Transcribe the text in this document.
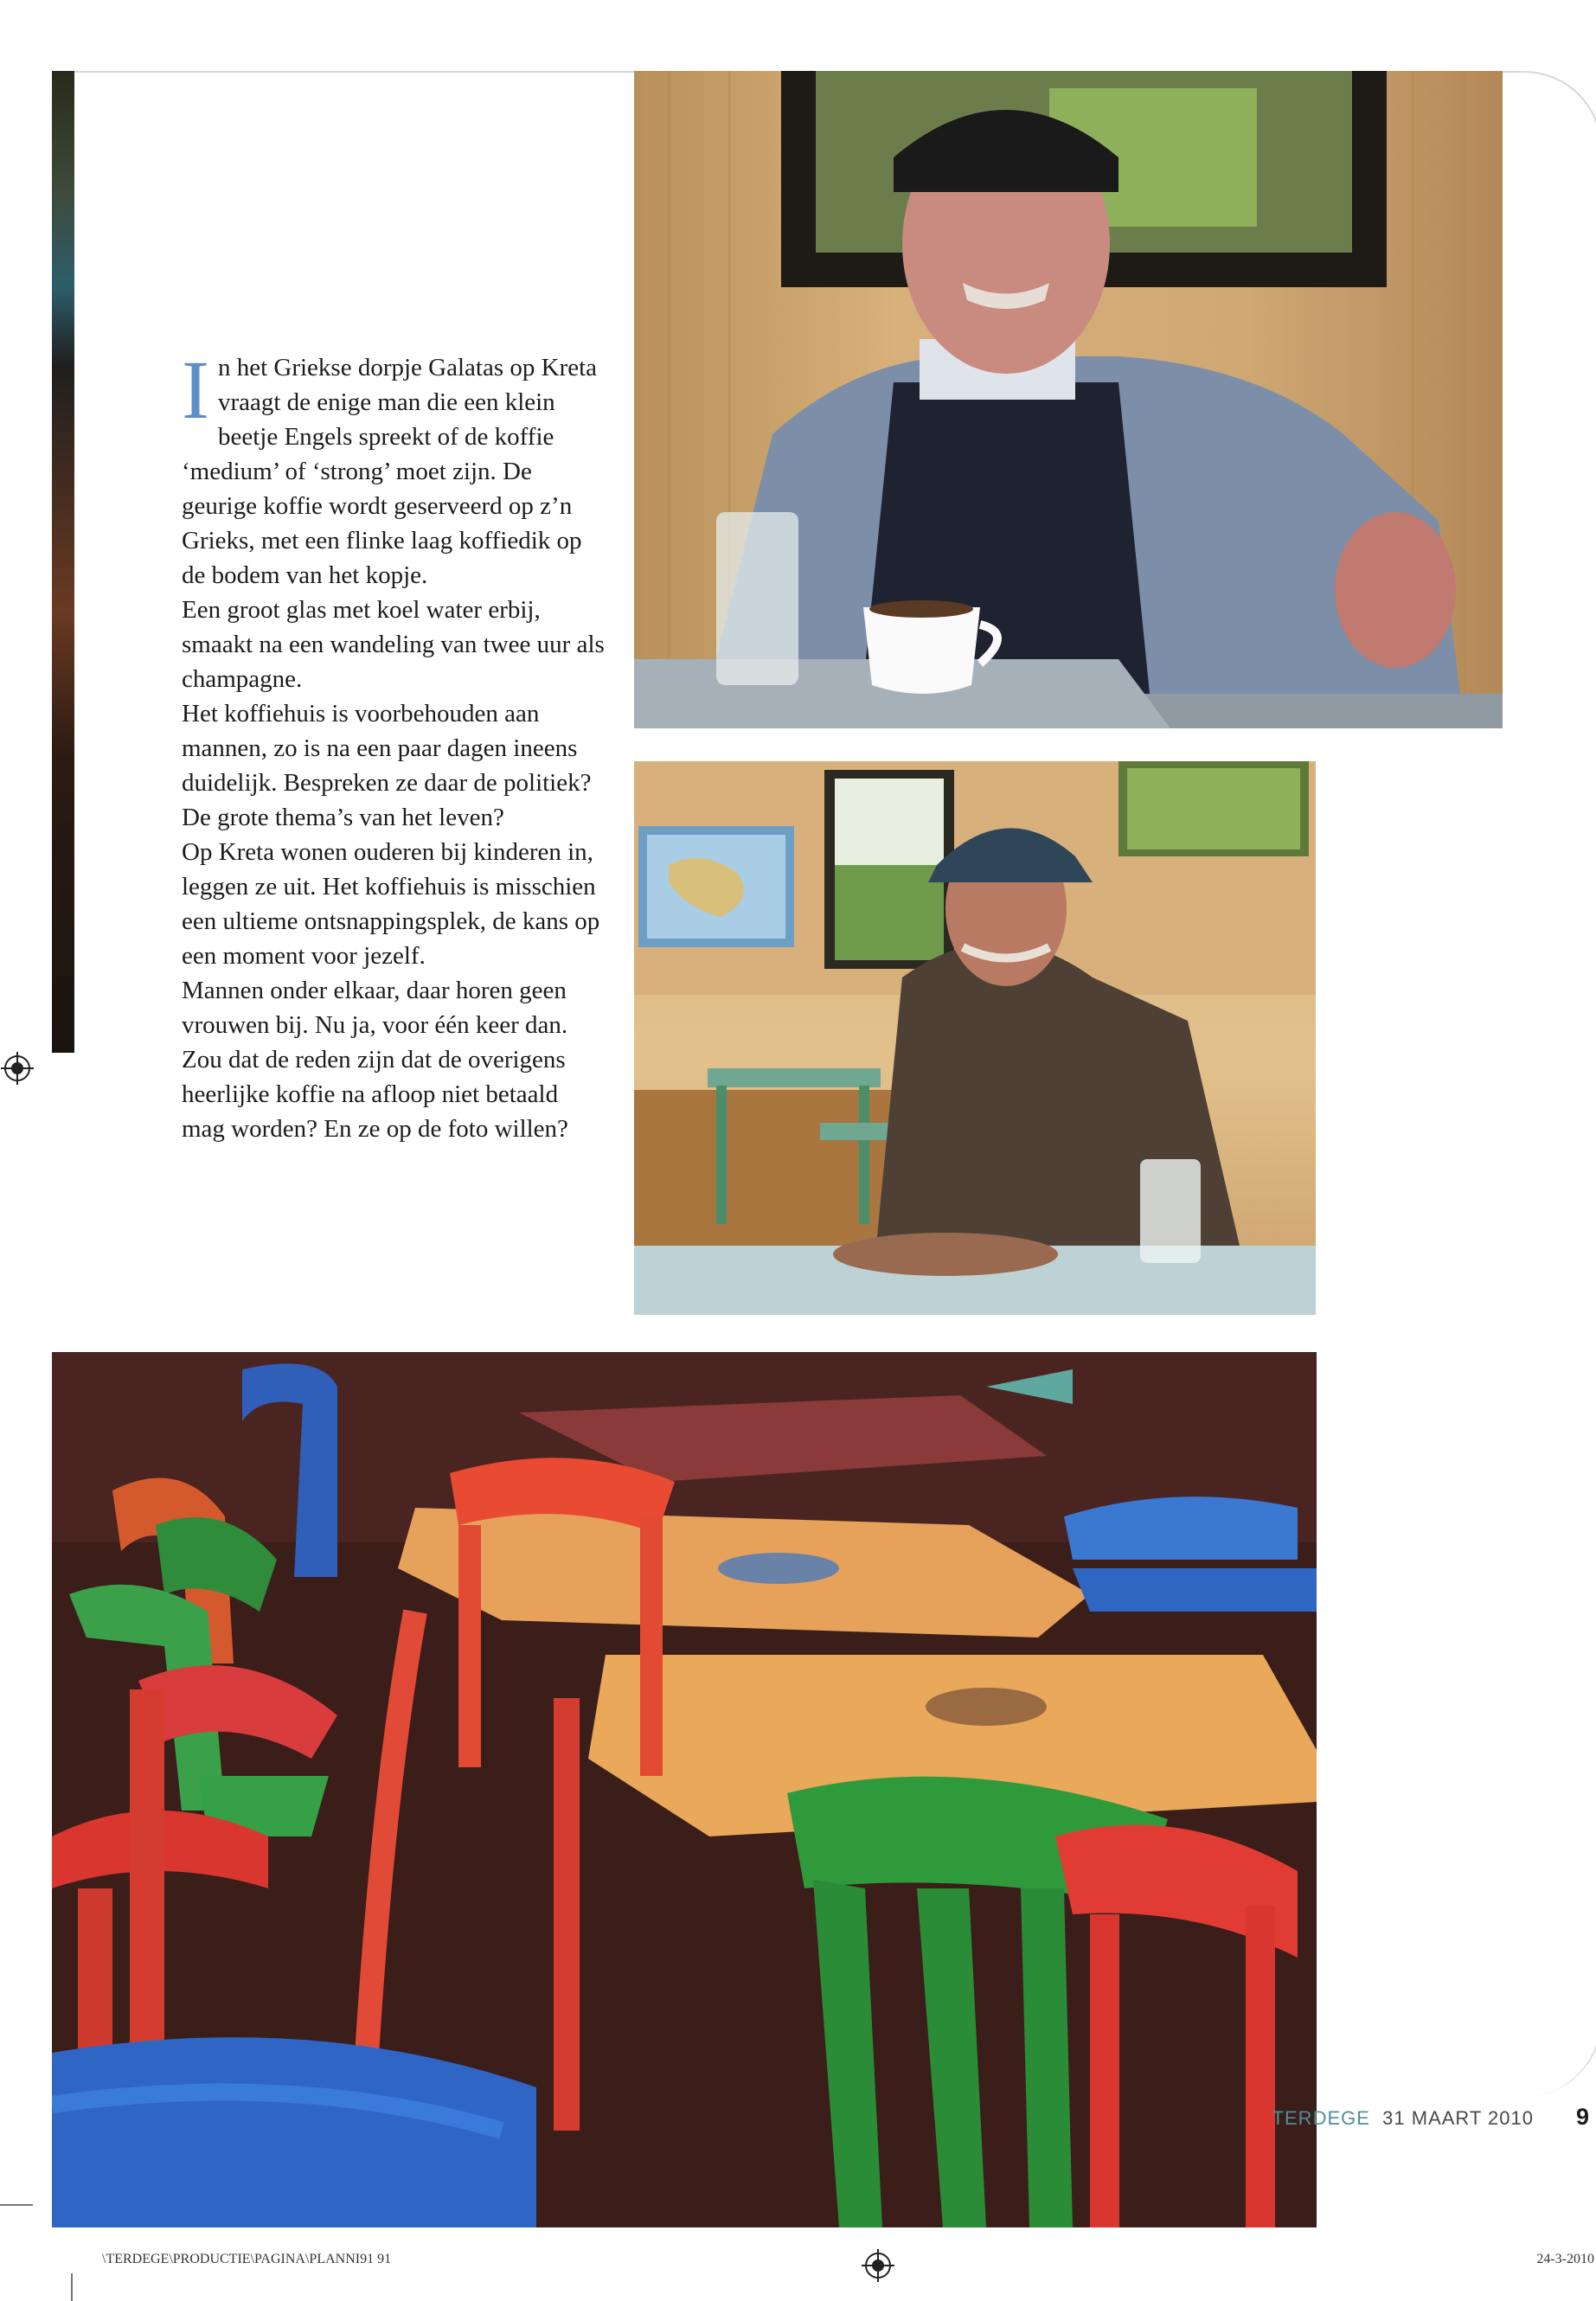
I n het Griekse dorpje Galatas op Kreta vraagt de enige man die een klein beetje Engels spreekt of de koffie ‘medium’ of ‘strong’ moet zijn. De geurige koffie wordt geserveerd op z’n Grieks, met een flinke laag koffiedik op de bodem van het kopje.

Een groot glas met koel water erbij, smaakt na een wandeling van twee uur als champagne.

Het koffiehuis is voorbehouden aan mannen, zo is na een paar dagen ineens duidelijk. Bespreken ze daar de politiek? De grote thema’s van het leven?

Op Kreta wonen ouderen bij kinderen in, leggen ze uit. Het koffiehuis is misschien een ultieme ontsnappingsplek, de kans op een moment voor jezelf.

Mannen onder elkaar, daar horen geen vrouwen bij. Nu ja, voor één keer dan. Zou dat de reden zijn dat de overigens heerlijke koffie na afloop niet betaald mag worden? En ze op de foto willen?

TERDEGE 31 MAART 2010 9
\TERDEGE\PRODUCTIE\PAGINA\PLANNI91 91	24-3-2010
